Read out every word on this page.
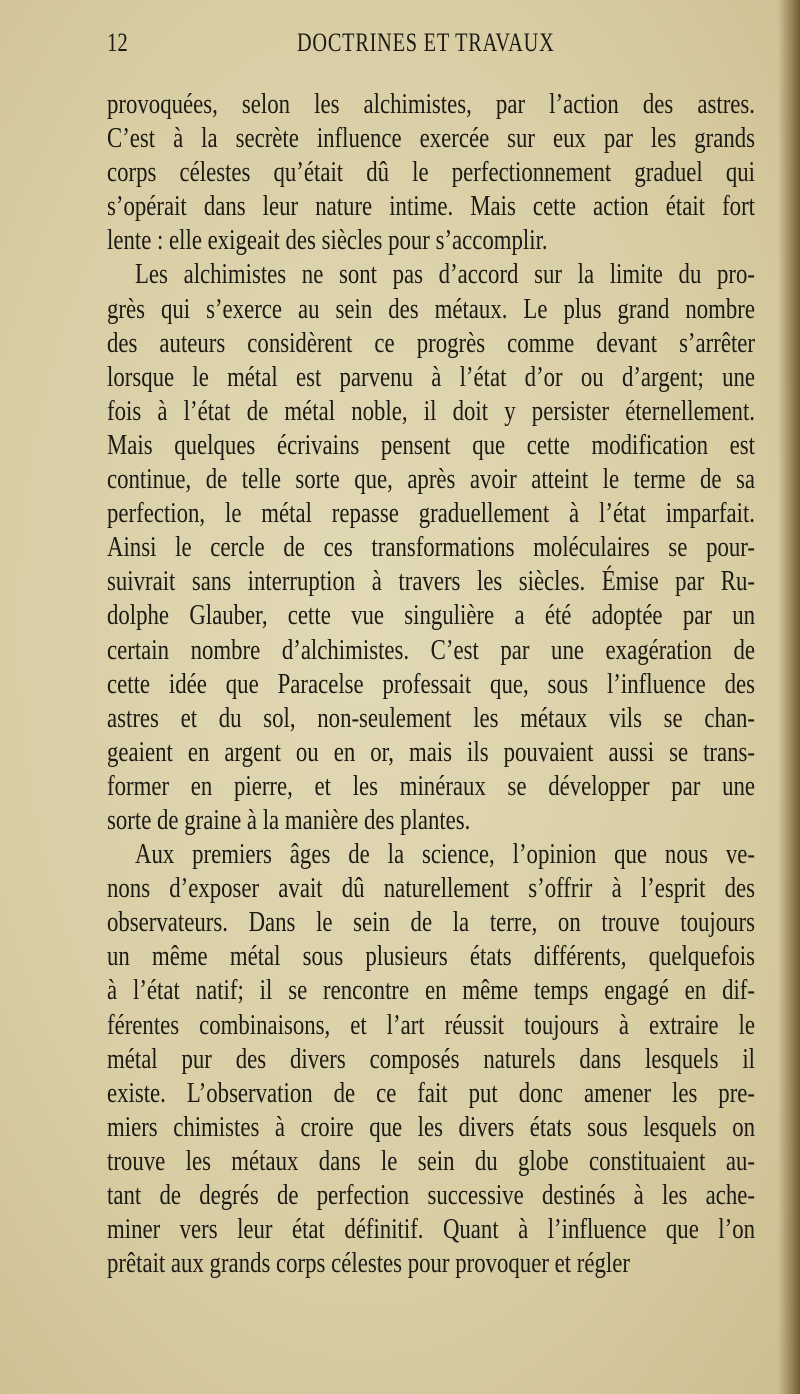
12	DOCTRINES ET TRAVAUX
provoquées, selon les alchimistes, par l’action des astres.
C’est à la secrète influence exercée sur eux par les grands
corps célestes qu’était dû le perfectionnement graduel qui
s’opérait dans leur nature intime. Mais cette action était fort
lente : elle exigeait des siècles pour s’accomplir.
Les alchimistes ne sont pas d’accord sur la limite du pro-
grès qui s’exerce au sein des métaux. Le plus grand nombre
des auteurs considèrent ce progrès comme devant s’arrêter
lorsque le métal est parvenu à l’état d’or ou d’argent; une
fois à l’état de métal noble, il doit y persister éternellement.
Mais quelques écrivains pensent que cette modification est
continue, de telle sorte que, après avoir atteint le terme de sa
perfection, le métal repasse graduellement à l’état imparfait.
Ainsi le cercle de ces transformations moléculaires se pour-
suivrait sans interruption à travers les siècles. Émise par Ru-
dolphe Glauber, cette vue singulière a été adoptée par un
certain nombre d’alchimistes. C’est par une exagération de
cette idée que Paracelse professait que, sous l’influence des
astres et du sol, non-seulement les métaux vils se chan-
geaient en argent ou en or, mais ils pouvaient aussi se trans-
former en pierre, et les minéraux se développer par une
sorte de graine à la manière des plantes.
Aux premiers âges de la science, l’opinion que nous ve-
nons d’exposer avait dû naturellement s’offrir à l’esprit des
observateurs. Dans le sein de la terre, on trouve toujours
un même métal sous plusieurs états différents, quelquefois
à l’état natif; il se rencontre en même temps engagé en dif-
férentes combinaisons, et l’art réussit toujours à extraire le
métal pur des divers composés naturels dans lesquels il
existe. L’observation de ce fait put donc amener les pre-
miers chimistes à croire que les divers états sous lesquels on
trouve les métaux dans le sein du globe constituaient au-
tant de degrés de perfection successive destinés à les ache-
miner vers leur état définitif. Quant à l’influence que l’on
prêtait aux grands corps célestes pour provoquer et régler
